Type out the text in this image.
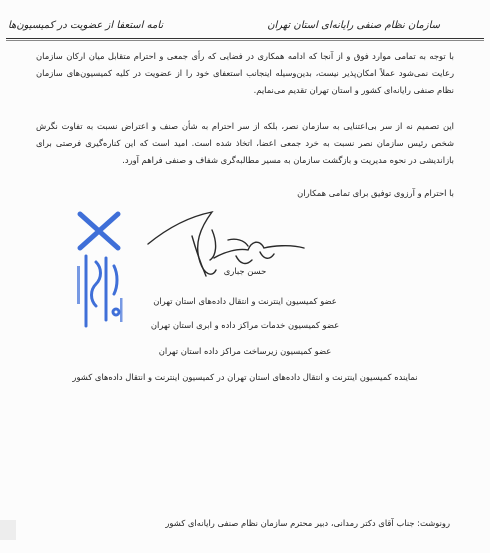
سازمان نظام صنفی رایانه‌ای استان تهران
نامه استعفا از عضویت در کمیسیون‌ها
با توجه به تمامی موارد فوق و از آنجا که ادامه همکاری در فضایی که رأی جمعی و احترام متقابل میان ارکان سازمان رعایت نمی‌شود عملاً امکان‌پذیر نیست، بدین‌وسیله اینجانب استعفای خود را از عضویت در کلیه کمیسیون‌های سازمان نظام صنفی رایانه‌ای کشور و استان تهران تقدیم می‌نمایم.
این تصمیم نه از سر بی‌اعتنایی به سازمان نصر، بلکه از سر احترام به شأن صنف و اعتراض نسبت به تفاوت نگرش شخص رئیس سازمان نصر نسبت به خرد جمعی اعضا، اتخاذ شده است. امید است که این کناره‌گیری فرصتی برای بازاندیشی در نحوه مدیریت و بازگشت سازمان به مسیر مطالبه‌گری شفاف و صنفی فراهم آورد.
با احترام و آرزوی توفیق برای تمامی همکاران
حسن جباری
عضو کمیسیون اینترنت و انتقال داده‌های استان تهران
عضو کمیسیون خدمات مراکز داده و ابری استان تهران
عضو کمیسیون زیرساخت مراکز داده استان تهران
نماینده کمیسیون اینترنت و انتقال داده‌های استان تهران در کمیسیون اینترنت و انتقال داده‌های کشور
رونوشت: جناب آقای دکتر رمدانی، دبیر محترم سازمان نظام صنفی رایانه‌ای کشور
